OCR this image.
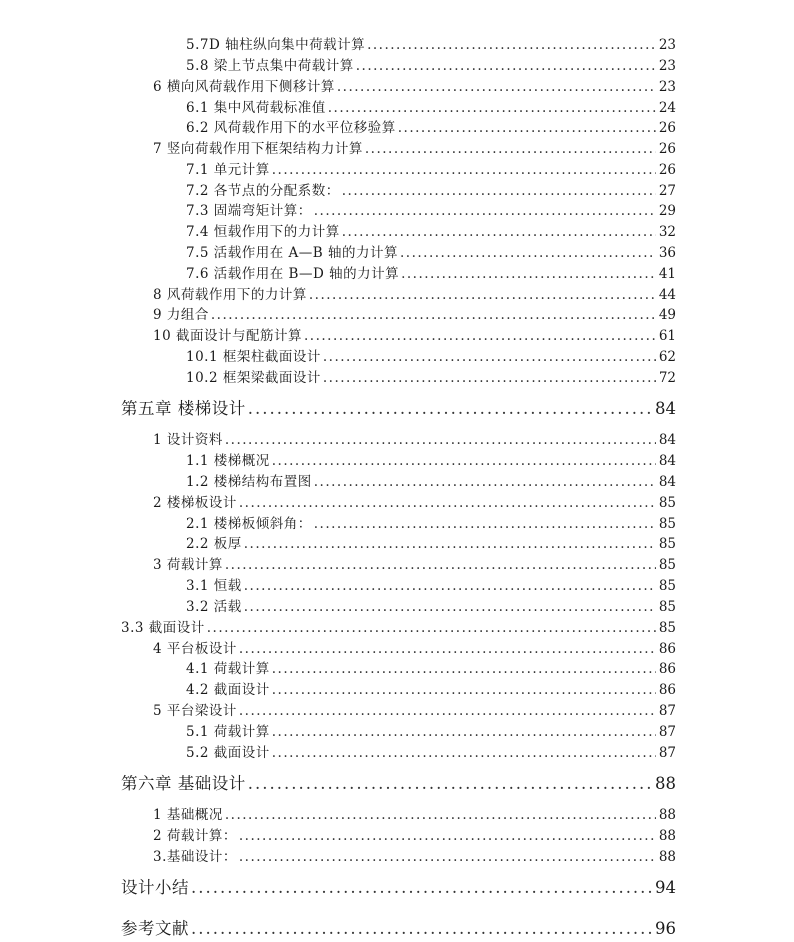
5.7D 轴柱纵向集中荷载计算 .....	23
5.8 梁上节点集中荷载计算 .....	23
6 横向风荷载作用下侧移计算 .....	23
6.1 集中风荷载标准值 .....	24
6.2 风荷载作用下的水平位移验算 .....	26
7 竖向荷载作用下框架结构力计算 .....	26
7.1 单元计算 .....	26
7.2 各节点的分配系数： .....	27
7.3 固端弯矩计算： .....	29
7.4 恒载作用下的力计算 .....	32
7.5 活载作用在 A—B 轴的力计算 .....	36
7.6 活载作用在 B—D 轴的力计算 .....	41
8 风荷载作用下的力计算 .....	44
9 力组合 .....	49
10 截面设计与配筋计算 .....	61
10.1 框架柱截面设计 .....	62
10.2 框架梁截面设计 .....	72
第五章 楼梯设计 .....	84
1 设计资料 .....	84
1.1 楼梯概况 .....	84
1.2 楼梯结构布置图 .....	84
2 楼梯板设计 .....	85
2.1 楼梯板倾斜角： .....	85
2.2 板厚 .....	85
3 荷载计算 .....	85
3.1 恒载 .....	85
3.2 活载 .....	85
3.3 截面设计 .....	85
4 平台板设计 .....	86
4.1 荷载计算 .....	86
4.2 截面设计 .....	86
5 平台梁设计 .....	87
5.1 荷载计算 .....	87
5.2 截面设计 .....	87
第六章 基础设计 .....	88
1 基础概况 .....	88
2 荷载计算： .....	88
3.基础设计： .....	88
设计小结 .....	94
参考文献 .....	96
